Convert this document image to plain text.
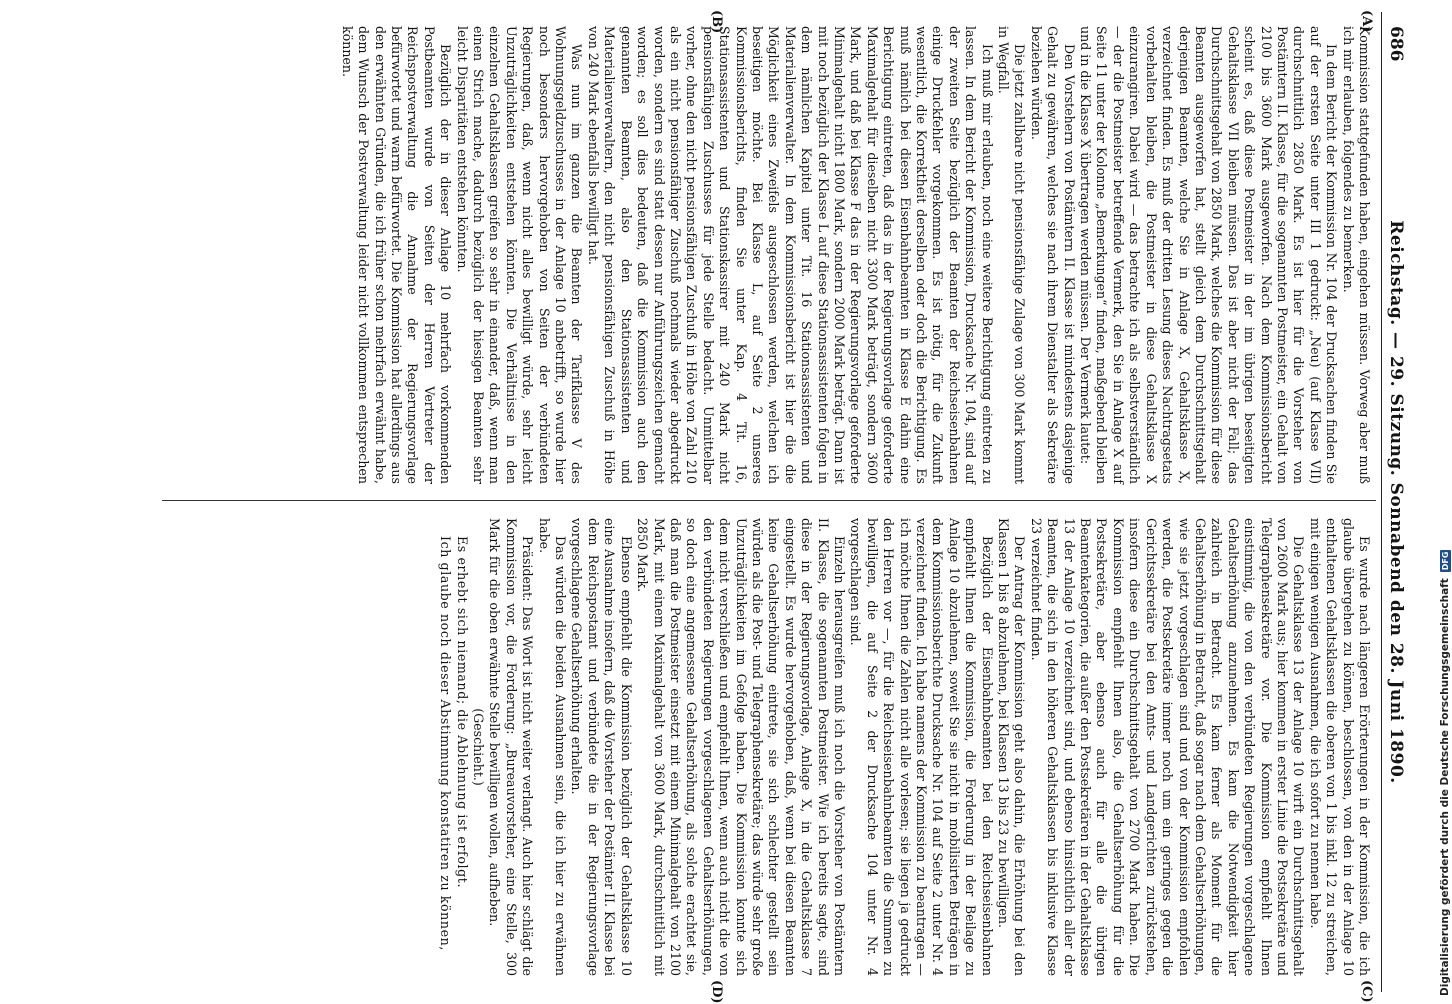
686
Reichstag. — 29. Sitzung. Sonnabend den 28. Juni 1890.
(A)
(B)
(C)
(D)

Kommission stattgefunden haben, eingehen müssen. Vorweg aber muß ich mir erlauben, folgendes zu bemerken.

In dem Bericht der Kommission Nr. 104 der Drucksachen finden Sie auf der ersten Seite unter III 1 gedruckt: „Neu) (auf Klasse VII) durchschnittlich 2850 Mark. Es ist hier für die Vorsteher von Postämtern II. Klasse, für die sogenannten Postmeister, ein Gehalt von 2100 bis 3600 Mark ausgeworfen. Nach dem Kommissionsbericht scheint es, daß diese Postmeister in der im übrigen beseitigten Gehaltsklasse VII bleiben müssen. Das ist aber nicht der Fall; das Durchschnittsgehalt von 2850 Mark, welches die Kommission für diese Beamten ausgeworfen hat, stellt gleich dem Durchschnittsgehalt derjenigen Beamten, welche Sie in Anlage X, Gehaltsklasse X, verzeichnet finden. Es muß der dritten Lesung dieses Nachtragsetats vorbehalten bleiben, die Postmeister in diese Gehaltsklasse X einzurangiren. Dabei wird — das betrachte ich als selbstverständlich — der die Postmeister betreffende Vermerk, den Sie in Anlage X auf Seite 11 unter der Kolonne „Bemerkungen“ finden, maßgebend bleiben und in die Klasse X übertragen werden müssen. Der Vermerk lautet:

Den Vorstehern von Postämtern II. Klasse ist mindestens dasjenige Gehalt zu gewähren, welches sie nach ihrem Dienstalter als Sekretäre beziehen würden.

Die jetzt zahlbare nicht pensionsfähige Zulage von 300 Mark kommt in Wegfall.

Ich muß mir erlauben, noch eine weitere Berichtigung eintreten zu lassen. In dem Bericht der Kommission, Drucksache Nr. 104, sind auf der zweiten Seite bezüglich der Beamten der Reichseisenbahnen einige Druckfehler vorgekommen. Es ist nötig, für die Zukunft wesentlich, die Korrektheit derselben oder doch die Berichtigung. Es muß nämlich bei diesen Eisenbahnbeamten in Klasse E dahin eine Berichtigung eintreten, daß das in der Regierungsvorlage geforderte Maximalgehalt für dieselben nicht 3300 Mark beträgt, sondern 3600 Mark, und daß bei Klasse F das in der Regierungsvorlage geforderte Minimalgehalt nicht 1800 Mark, sondern 2000 Mark beträgt. Dann ist mit noch bezüglich der Klasse L auf diese Stationsassistenten folgen in dem nämlichen Kapitel unter Tit. 16 Stationsassistenten und Materialienverwalter. In dem Kommissionsbericht ist hier die die Möglichkeit eines Zweifels ausgeschlossen werden, welchen ich beseitigen möchte. Bei Klasse L, auf Seite 2 unseres Kommissionsberichts, finden Sie unter Kap. 4 Tit. 16, Stationsassistenten und Stationskassirer mit 240 Mark nicht pensionsfähigen Zuschusses für jede Stelle bedacht. Unmittelbar vorher, ohne den nicht pensionsfähigen Zuschuß in Höhe von Zahl 210 als ein nicht pensionsfähiger Zuschuß nochmals wieder abgedruckt worden, sondern es sind statt dessen nur Anführungszeichen gemacht worden; es soll dies bedeuten, daß die Kommission auch den genannten Beamten, also den Stationsassistenten und Materialienverwaltern, den nicht pensionsfähigen Zuschuß in Höhe von 240 Mark ebenfalls bewilligt hat.

Was nun im ganzen die Beamten der Tarifklasse V des Wohnungsgeldzuschusses in der Anlage 10 anbetrifft, so wurde hier noch besonders hervorgehoben von Seiten der verbündeten Regierungen, daß, wenn nicht alles bewilligt würde, sehr leicht Unzuträglichkeiten entstehen könnten. Die Verhältnisse in den einzelnen Gehaltsklassen greifen so sehr in einander, daß, wenn man einen Strich mache, dadurch bezüglich der hiesigen Beamten sehr leicht Disparitäten entstehen könnten.

Bezüglich der in dieser Anlage 10 mehrfach vorkommenden Postbeamten wurde von Seiten der Herren Vertreter der Reichspostverwaltung die Annahme der Regierungsvorlage befürwortet und warm befürwortet. Die Kommission hat allerdings aus den erwähnten Gründen, die ich früher schon mehrfach erwähnt habe, dem Wunsch der Postverwaltung leider nicht vollkommen entsprechen können.

Es wurde nach längeren Erörterungen in der Kommission, die ich glaube übergehen zu können, beschlossen, von den in der Anlage 10 enthaltenen Gehaltsklassen die oberen von 1 bis inkl. 12 zu streichen, mit einigen wenigen Ausnahmen, die ich sofort zu nennen habe.

Die Gehaltsklasse 13 der Anlage 10 wirft ein Durchschnittsgehalt von 2600 Mark aus; hier kommen in erster Linie die Postsekretäre und Telegraphensekretäre vor. Die Kommission empfiehlt Ihnen einstimmig, die von den verbündeten Regierungen vorgeschlagene Gehaltserhöhung anzunehmen. Es kam die Notwendigkeit hier zahlreich in Betracht. Es kam ferner als Moment für die Gehaltserhöhung in Betracht, daß sogar nach dem Gehaltserhöhungen, wie sie jetzt vorgeschlagen sind und von der Kommission empfohlen werden, die Postsekretäre immer noch um ein geringes gegen die Gerichtssekretäre bei den Amts- und Landgerichten zurückstehen, insofern diese ein Durchschnittsgehalt von 2700 Mark haben. Die Kommission empfiehlt Ihnen also, die Gehaltserhöhung für die Postsekretäre, aber ebenso auch für alle die übrigen Beamtenkategorien, die außer den Postsekretären in der Gehaltsklasse 13 der Anlage 10 verzeichnet sind, und ebenso hinsichtlich aller der Beamten, die sich in den höheren Gehaltsklassen bis inklusive Klasse 23 verzeichnet finden.

Der Antrag der Kommission geht also dahin, die Erhöhung bei den Klassen 1 bis 8 abzulehnen, bei Klassen 13 bis 23 zu bewilligen.

Bezüglich der Eisenbahnbeamten bei den Reichseisenbahnen empfiehlt Ihnen die Kommission, die Forderung in der Beilage zu Anlage 10 abzulehnen, soweit Sie sie nicht in mobilisirten Beträgen in dem Kommissionsberichte Drucksache Nr. 104 auf Seite 2 unter Nr. 4 verzeichnet finden. Ich habe namens der Kommission zu beantragen — ich möchte Ihnen die Zahlen nicht alle vorlesen; sie liegen ja gedruckt den Herren vor —, für die Reichseisenbahnbeamten die Summen zu bewilligen, die auf Seite 2 der Drucksache 104 unter Nr. 4 vorgeschlagen sind.

Einzeln herausgreifen muß ich noch die Vorsteher von Postämtern II. Klasse, die sogenannten Postmeister. Wie ich bereits sagte, sind diese in der Regierungsvorlage, Anlage X, in die Gehaltsklasse 7 eingestellt. Es wurde hervorgehoben, daß, wenn bei diesen Beamten keine Gehaltserhöhung eintrete, sie sich schlechter gestellt sein würden als die Post- und Telegraphensekretäre; das würde sehr große Unzuträglichkeiten im Gefolge haben. Die Kommission konnte sich dem nicht verschließen und empfiehlt Ihnen, wenn auch nicht die von den verbündeten Regierungen vorgeschlagenen Gehaltserhöhungen, so doch eine angemessene Gehaltserhöhung, als solche erachtet sie, daß man die Postmeister einsetzt mit einem Minimalgehalt von 2100 Mark, mit einem Maximalgehalt von 3600 Mark, durchschnittlich mit 2850 Mark.

Ebenso empfiehlt die Kommission bezüglich der Gehaltsklasse 10 eine Ausnahme insofern, daß die Vorsteher der Postämter II. Klasse bei dem Reichspostamt und verbündete die in der Regierungsvorlage vorgeschlagene Gehaltserhöhung erhalten.

Das würden die beiden Ausnahmen sein, die ich hier zu erwähnen habe.

Präsident: Das Wort ist nicht weiter verlangt. Auch hier schlägt die Kommission vor, die Forderung: „Bureauvorsteher, eine Stelle, 300 Mark für die oben erwähnte Stelle bewilligen wollen, aufheben.

(Geschieht.)

Es erhebt sich niemand; die Ablehnung ist erfolgt.

Ich glaube noch dieser Abstimmung konstatiren zu können,	Digitalisierung gefördert durch die Deutsche Forschungsgemeinschaft
DFG
